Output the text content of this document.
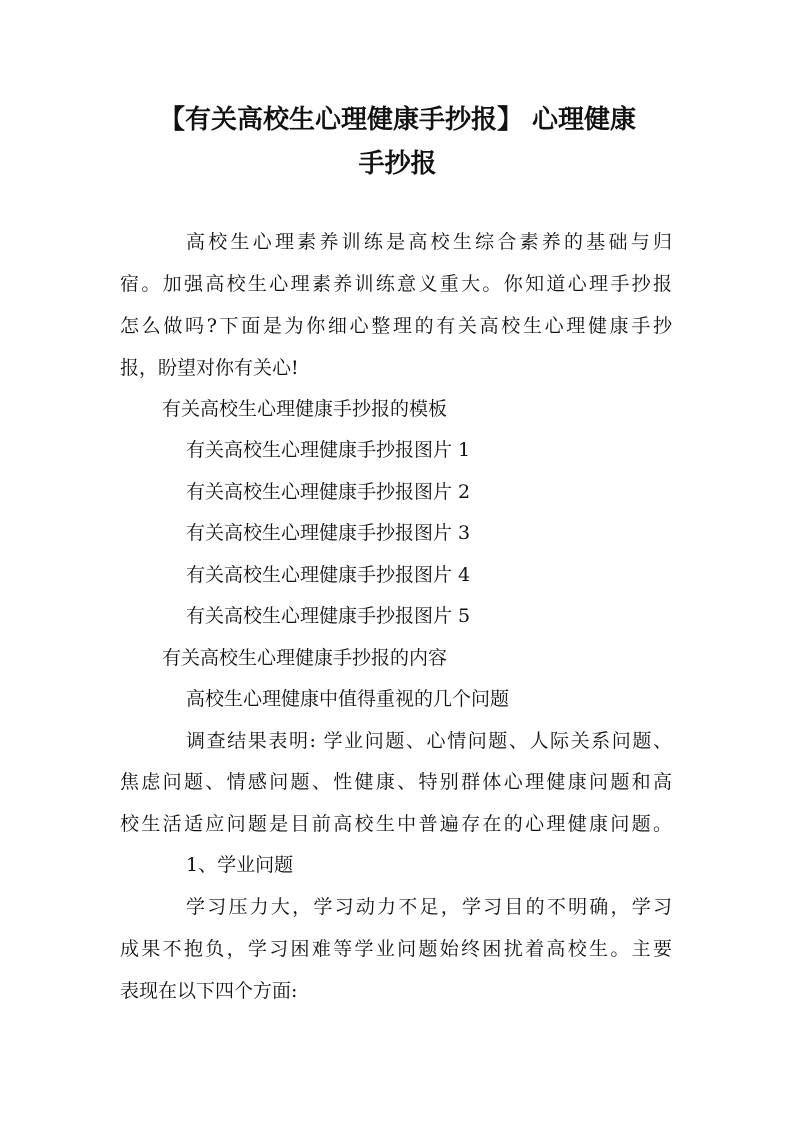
【有关高校生心理健康手抄报】 心理健康
手抄报

高校生心理素养训练是高校生综合素养的基础与归

宿。加强高校生心理素养训练意义重大。你知道心理手抄报

怎么做吗?下面是为你细心整理的有关高校生心理健康手抄

报，盼望对你有关心!

有关高校生心理健康手抄报的模板

有关高校生心理健康手抄报图片 1

有关高校生心理健康手抄报图片 2

有关高校生心理健康手抄报图片 3

有关高校生心理健康手抄报图片 4

有关高校生心理健康手抄报图片 5

有关高校生心理健康手抄报的内容

高校生心理健康中值得重视的几个问题

调查结果表明: 学业问题、心情问题、人际关系问题、

焦虑问题、情感问题、性健康、特别群体心理健康问题和高

校生活适应问题是目前高校生中普遍存在的心理健康问题。

1、学业问题

学习压力大，学习动力不足，学习目的不明确，学习

成果不抱负，学习困难等学业问题始终困扰着高校生。主要

表现在以下四个方面:
